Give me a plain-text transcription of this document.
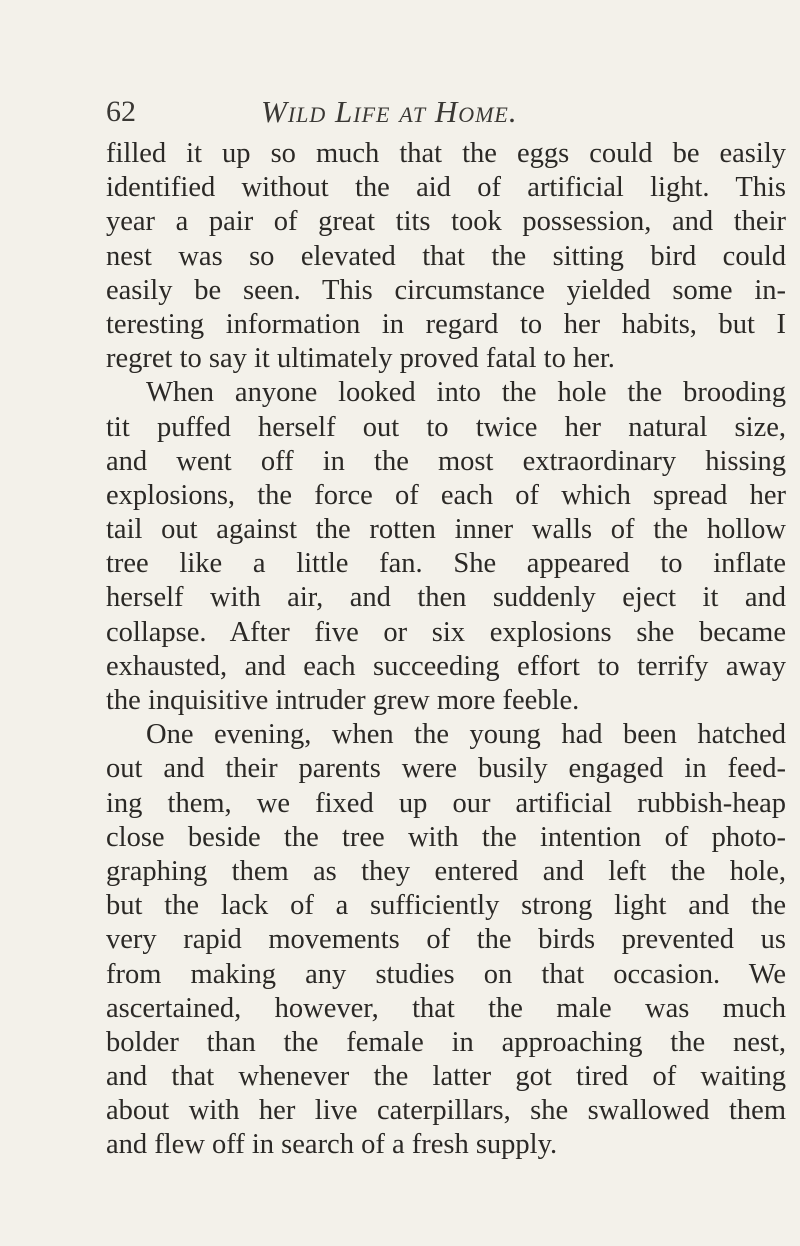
62	Wild Life at Home.
filled it up so much that the eggs could be easily
identified without the aid of artificial light. This
year a pair of great tits took possession, and their
nest was so elevated that the sitting bird could
easily be seen. This circumstance yielded some in-
teresting information in regard to her habits, but I
regret to say it ultimately proved fatal to her.
When anyone looked into the hole the brooding
tit puffed herself out to twice her natural size,
and went off in the most extraordinary hissing
explosions, the force of each of which spread her
tail out against the rotten inner walls of the hollow
tree like a little fan. She appeared to inflate
herself with air, and then suddenly eject it and
collapse. After five or six explosions she became
exhausted, and each succeeding effort to terrify away
the inquisitive intruder grew more feeble.
One evening, when the young had been hatched
out and their parents were busily engaged in feed-
ing them, we fixed up our artificial rubbish-heap
close beside the tree with the intention of photo-
graphing them as they entered and left the hole,
but the lack of a sufficiently strong light and the
very rapid movements of the birds prevented us
from making any studies on that occasion. We
ascertained, however, that the male was much
bolder than the female in approaching the nest,
and that whenever the latter got tired of waiting
about with her live caterpillars, she swallowed them
and flew off in search of a fresh supply.
